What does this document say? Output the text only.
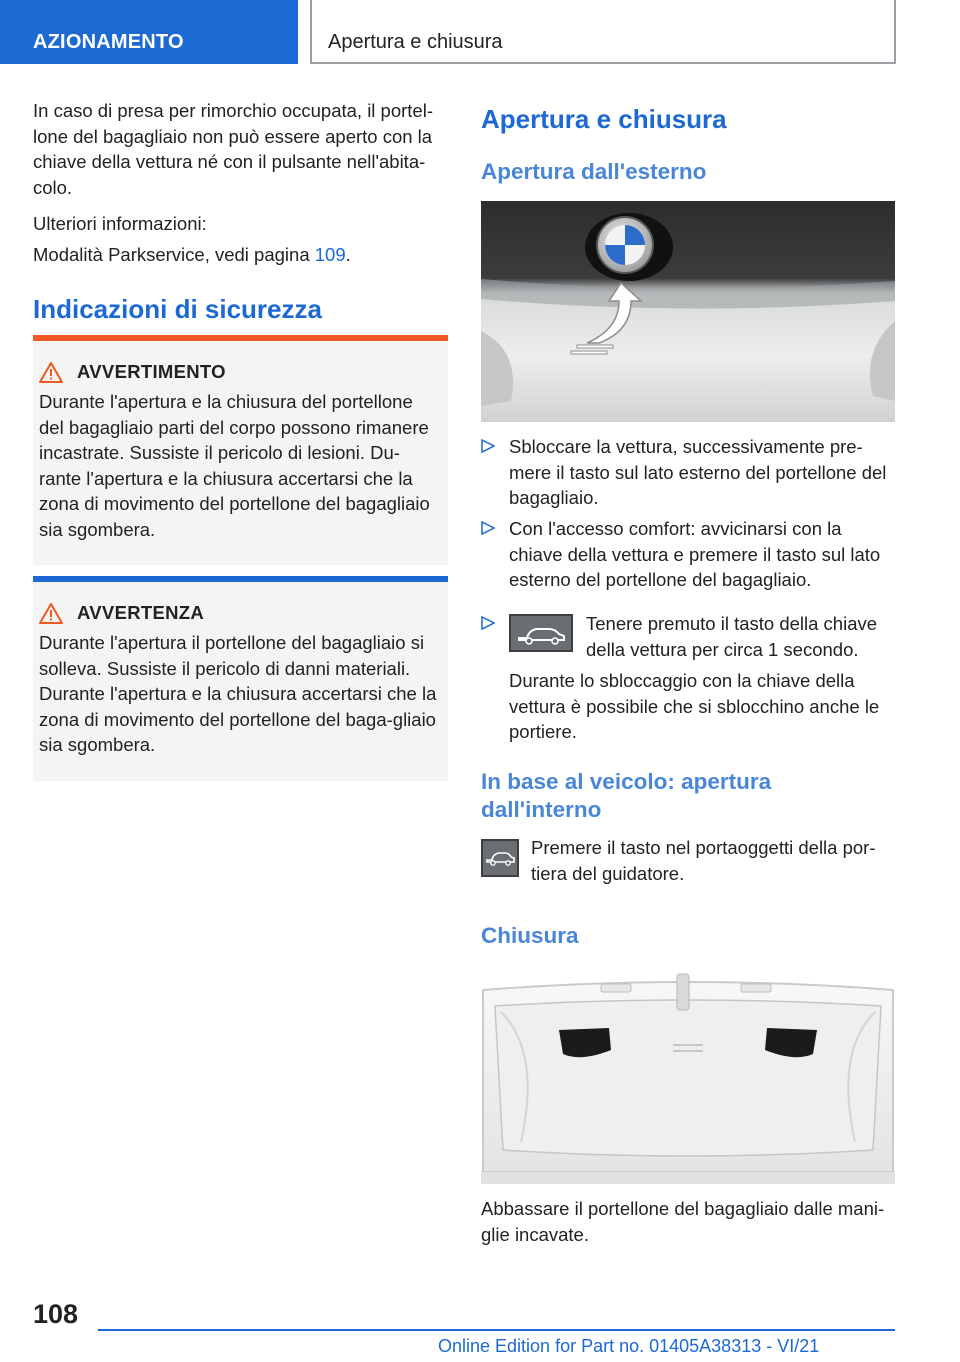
AZIONAMENTO	Apertura e chiusura

In caso di presa per rimorchio occupata, il portel-lone del bagagliaio non può essere aperto con la chiave della vettura né con il pulsante nell'abita-colo.

Ulteriori informazioni:

Modalità Parkservice, vedi pagina 109.

Indicazioni di sicurezza
AVVERTIMENTO

Durante l'apertura e la chiusura del portellone del bagagliaio parti del corpo possono rimanere incastrate. Sussiste il pericolo di lesioni. Du-rante l'apertura e la chiusura accertarsi che la zona di movimento del portellone del bagagliaio sia sgombera.

AVVERTENZA

Durante l'apertura il portellone del bagagliaio si solleva. Sussiste il pericolo di danni materiali. Durante l'apertura e la chiusura accertarsi che la zona di movimento del portellone del baga-gliaio sia sgombera.

Apertura e chiusura
Apertura dall'esterno
Sbloccare la vettura, successivamente pre-mere il tasto sul lato esterno del portellone del bagagliaio.
Con l'accesso comfort: avvicinarsi con la chiave della vettura e premere il tasto sul lato esterno del portellone del bagagliaio.
Tenere premuto il tasto della chiave della vettura per circa 1 secondo.
Durante lo sbloccaggio con la chiave della vettura è possibile che si sblocchino anche le portiere.
In base al veicolo: apertura dall'interno
Premere il tasto nel portaoggetti della por-tiera del guidatore.
Chiusura
Abbassare il portellone del bagagliaio dalle mani-glie incavate.
108
Online Edition for Part no. 01405A38313 - VI/21
